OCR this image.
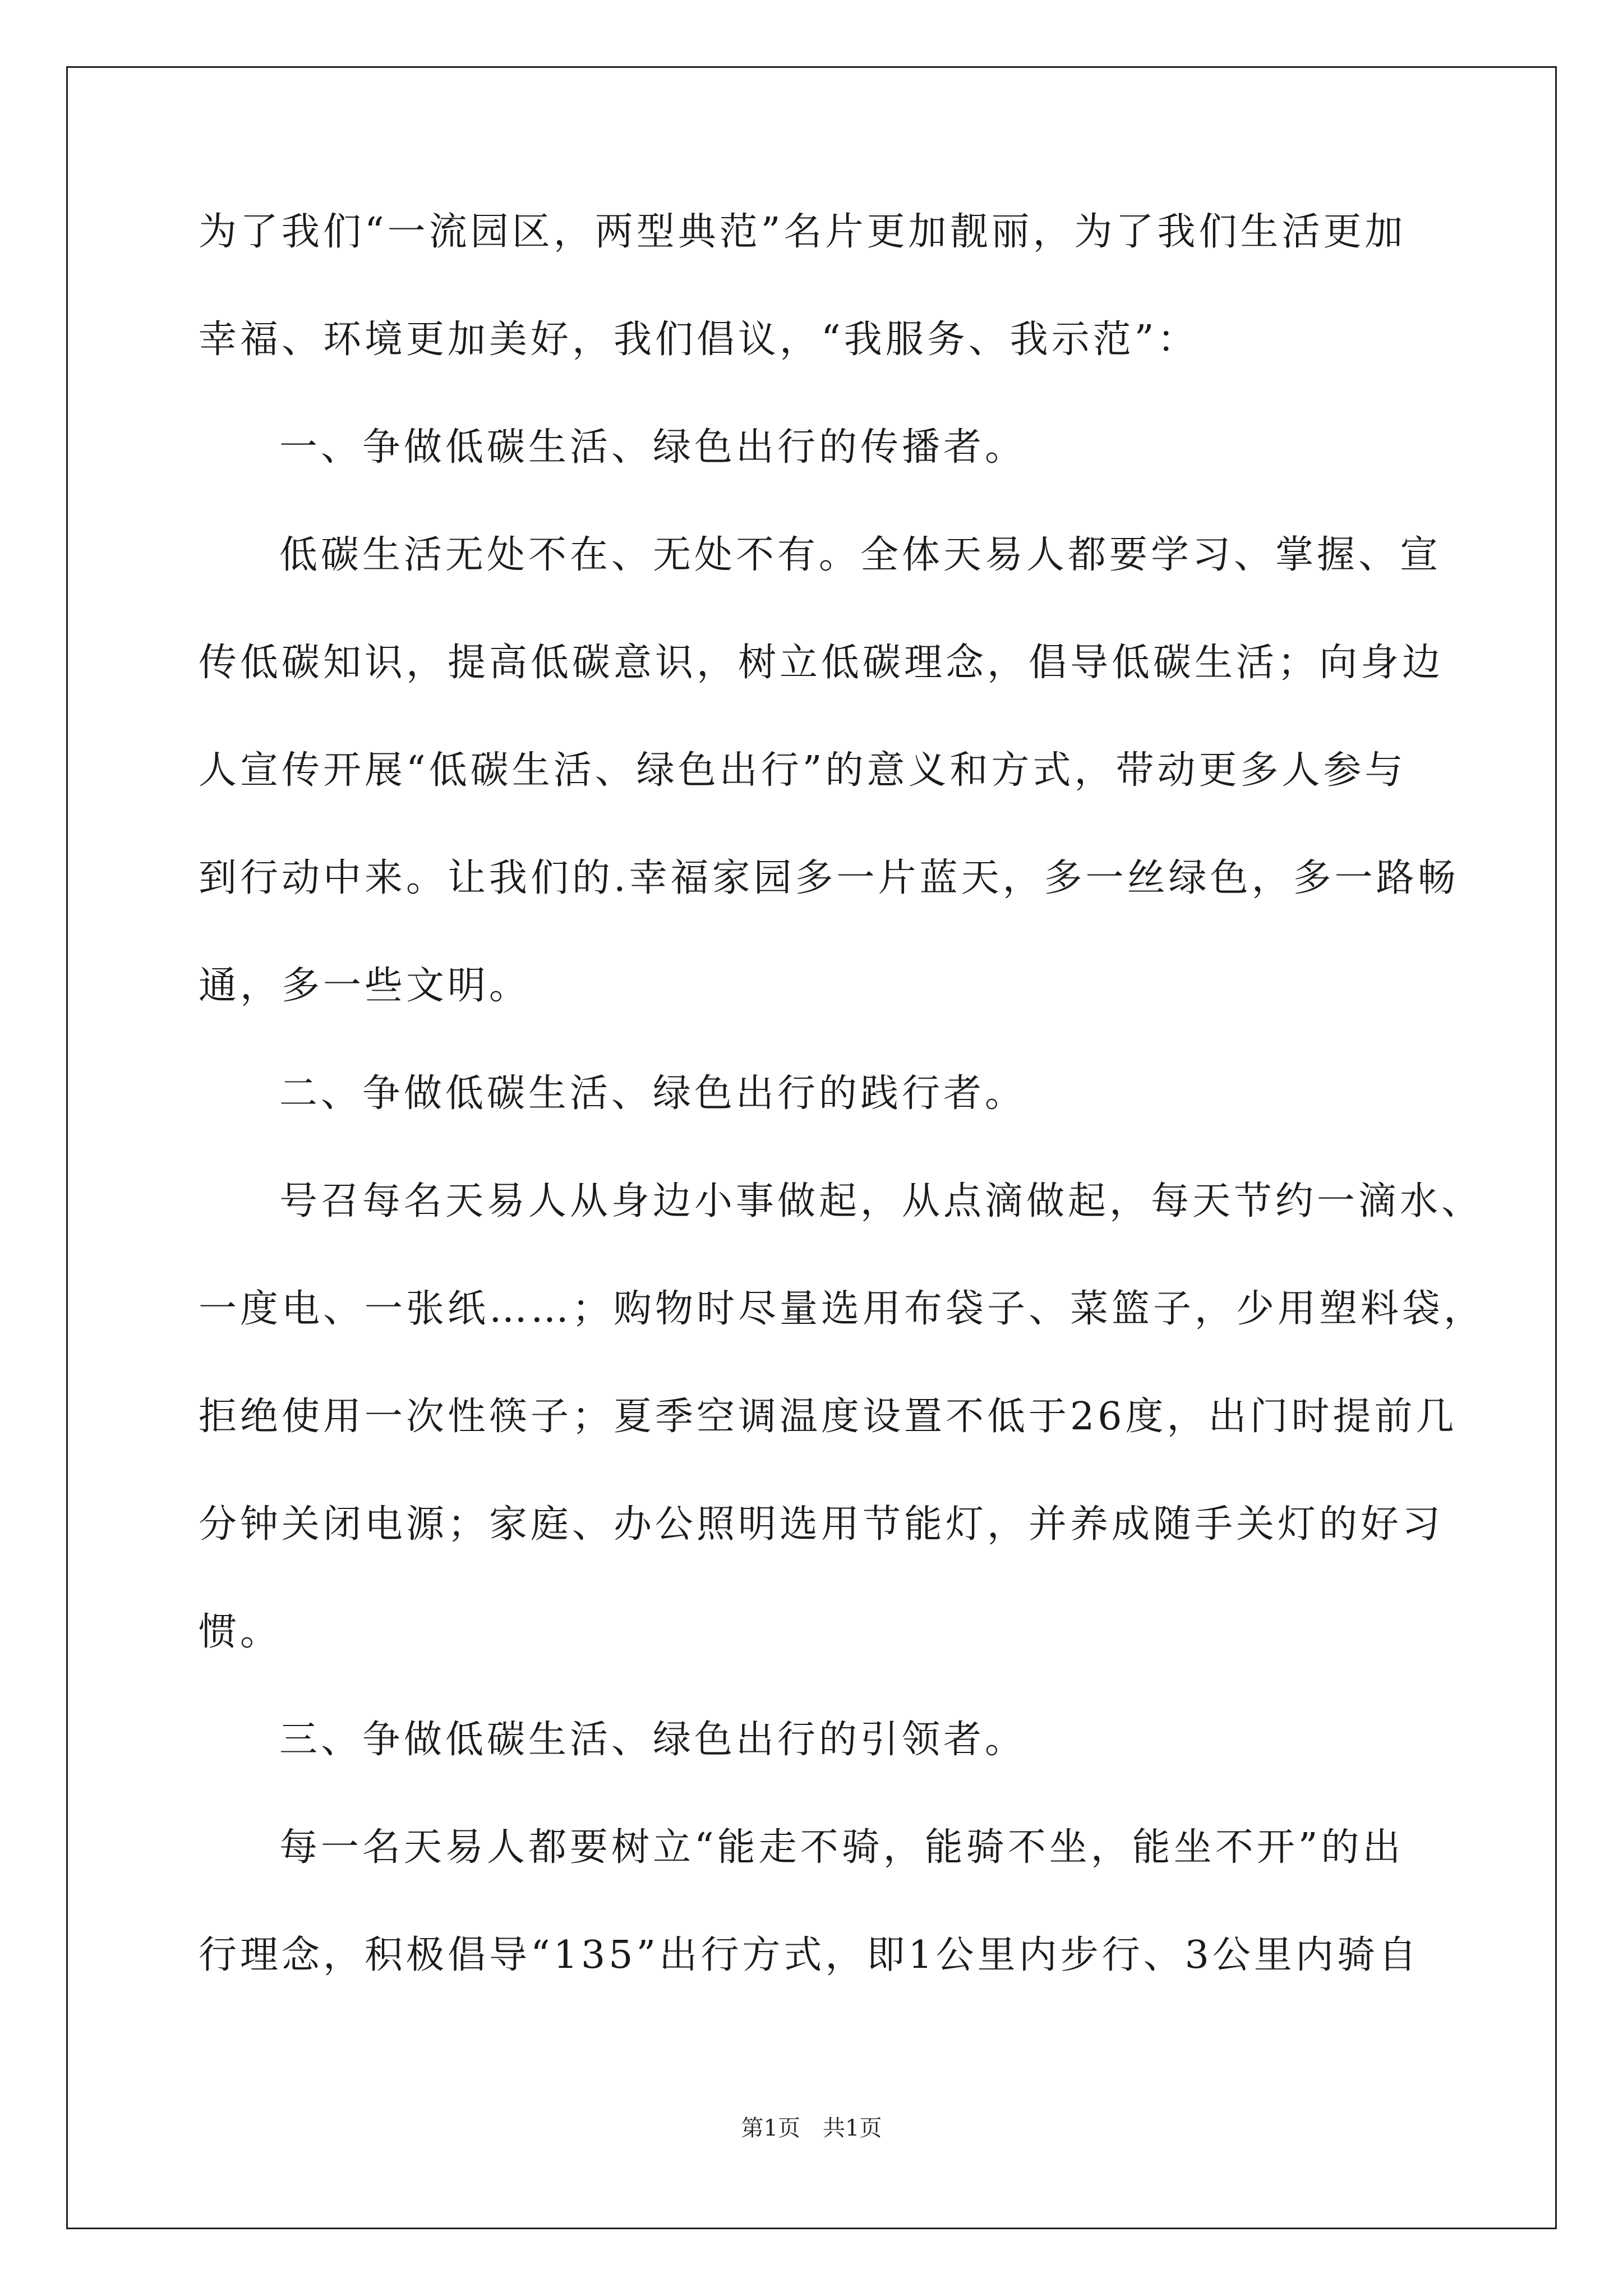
为了我们“一流园区，两型典范”名片更加靓丽，为了我们生活更加
幸福、环境更加美好，我们倡议，“我服务、我示范”：
一、争做低碳生活、绿色出行的传播者。
低碳生活无处不在、无处不有。全体天易人都要学习、掌握、宣
传低碳知识，提高低碳意识，树立低碳理念，倡导低碳生活；向身边
人宣传开展“低碳生活、绿色出行”的意义和方式，带动更多人参与
到行动中来。让我们的.幸福家园多一片蓝天，多一丝绿色，多一路畅
通，多一些文明。
二、争做低碳生活、绿色出行的践行者。
号召每名天易人从身边小事做起，从点滴做起，每天节约一滴水、
一度电、一张纸……；购物时尽量选用布袋子、菜篮子，少用塑料袋，
拒绝使用一次性筷子；夏季空调温度设置不低于26度，出门时提前几
分钟关闭电源；家庭、办公照明选用节能灯，并养成随手关灯的好习
惯。
三、争做低碳生活、绿色出行的引领者。
每一名天易人都要树立“能走不骑，能骑不坐，能坐不开”的出
行理念，积极倡导“135”出行方式，即1公里内步行、3公里内骑自
第1页 共1页
